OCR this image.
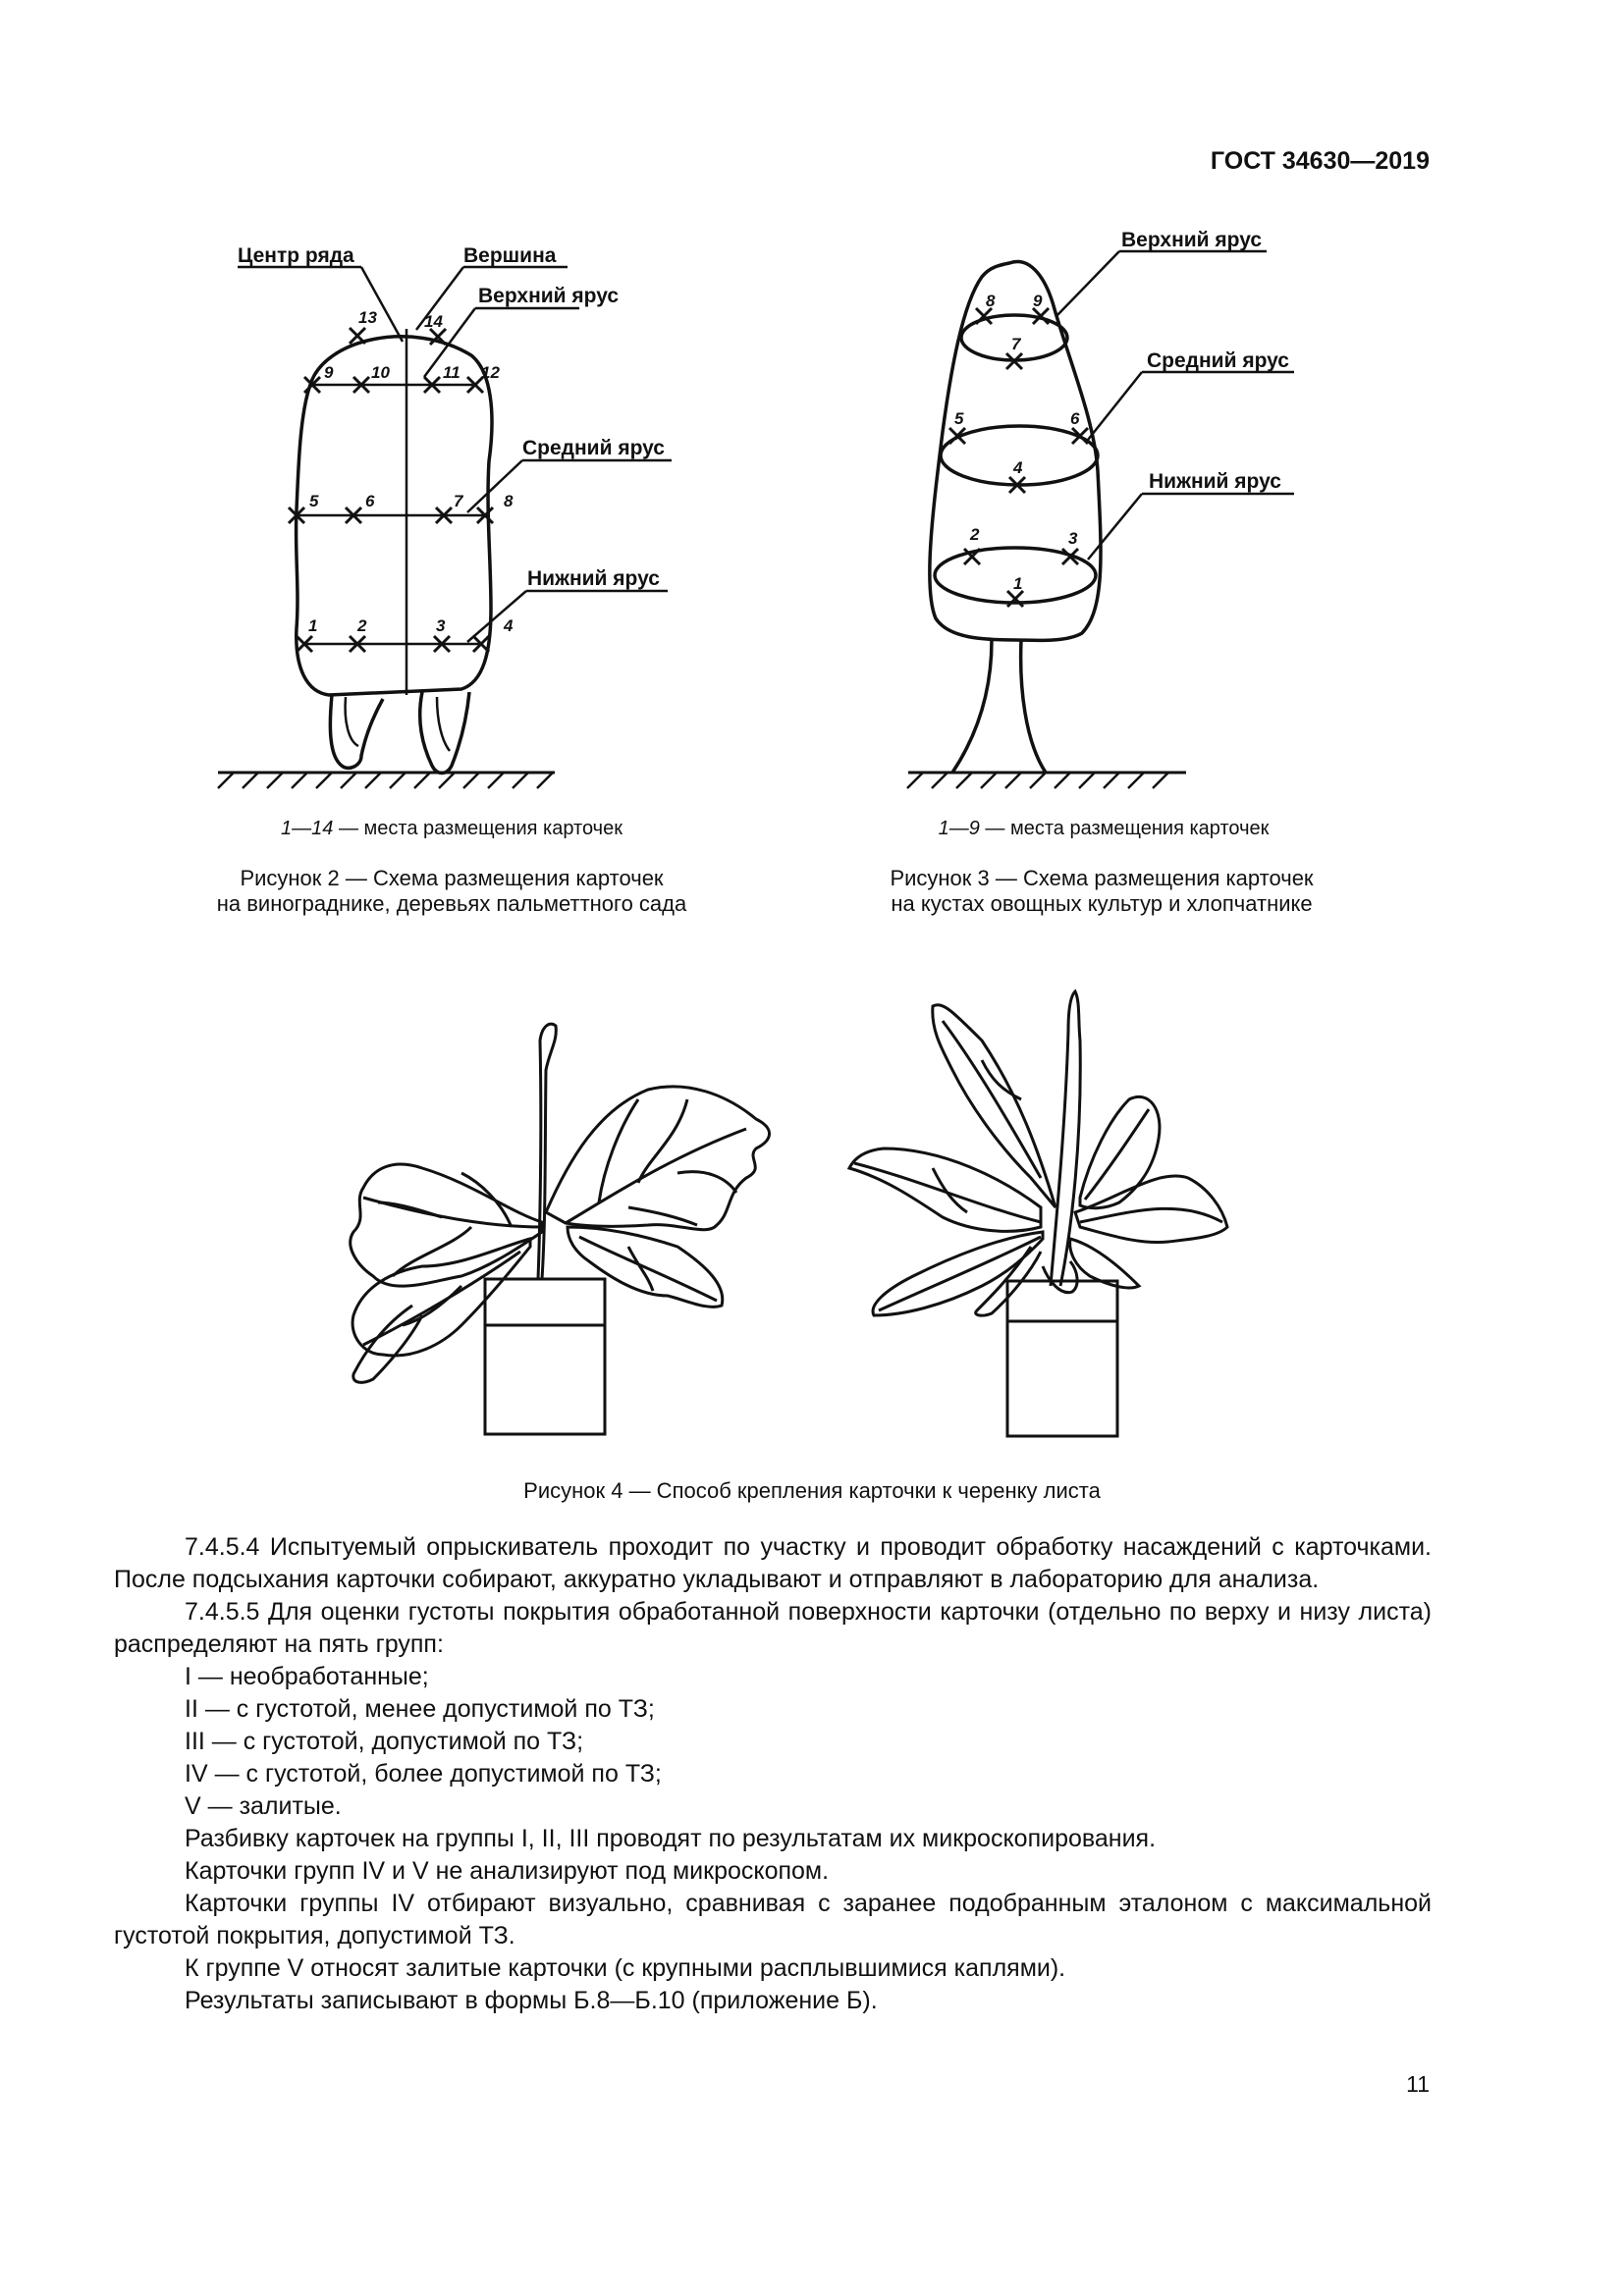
ГОСТ 34630—2019
13	14
9 10	11 12
5	6	7 8
1 2	3	4
Центр ряда	Вершина
Верхний ярус
Средний ярус
Нижний ярус	1
2	3
4
5	6
7
8 9
Верхний ярус
Средний ярус
Нижний ярус
1—14 — места размещения карточек
Рисунок 2 — Схема размещения карточек
на винограднике, деревьях пальметтного сада
1—9 — места размещения карточек
Рисунок 3 — Схема размещения карточек
на кустах овощных культур и хлопчатнике
Рисунок 4 — Способ крепления карточки к черенку листа

7.4.5.4 Испытуемый опрыскиватель проходит по участку и проводит обработку насаждений с карточками. После подсыхания карточки собирают, аккуратно укладывают и отправляют в лабораторию для анализа.

7.4.5.5 Для оценки густоты покрытия обработанной поверхности карточки (отдельно по верху и низу листа) распределяют на пять групп:

I — необработанные;

II — с густотой, менее допустимой по ТЗ;

III — с густотой, допустимой по ТЗ;

IV — с густотой, более допустимой по ТЗ;

V — залитые.

Разбивку карточек на группы I, II, III проводят по результатам их микроскопирования.

Карточки групп IV и V не анализируют под микроскопом.

Карточки группы IV отбирают визуально, сравнивая с заранее подобранным эталоном с максимальной густотой покрытия, допустимой ТЗ.

К группе V относят залитые карточки (с крупными расплывшимися каплями).

Результаты записывают в формы Б.8—Б.10 (приложение Б).

11
